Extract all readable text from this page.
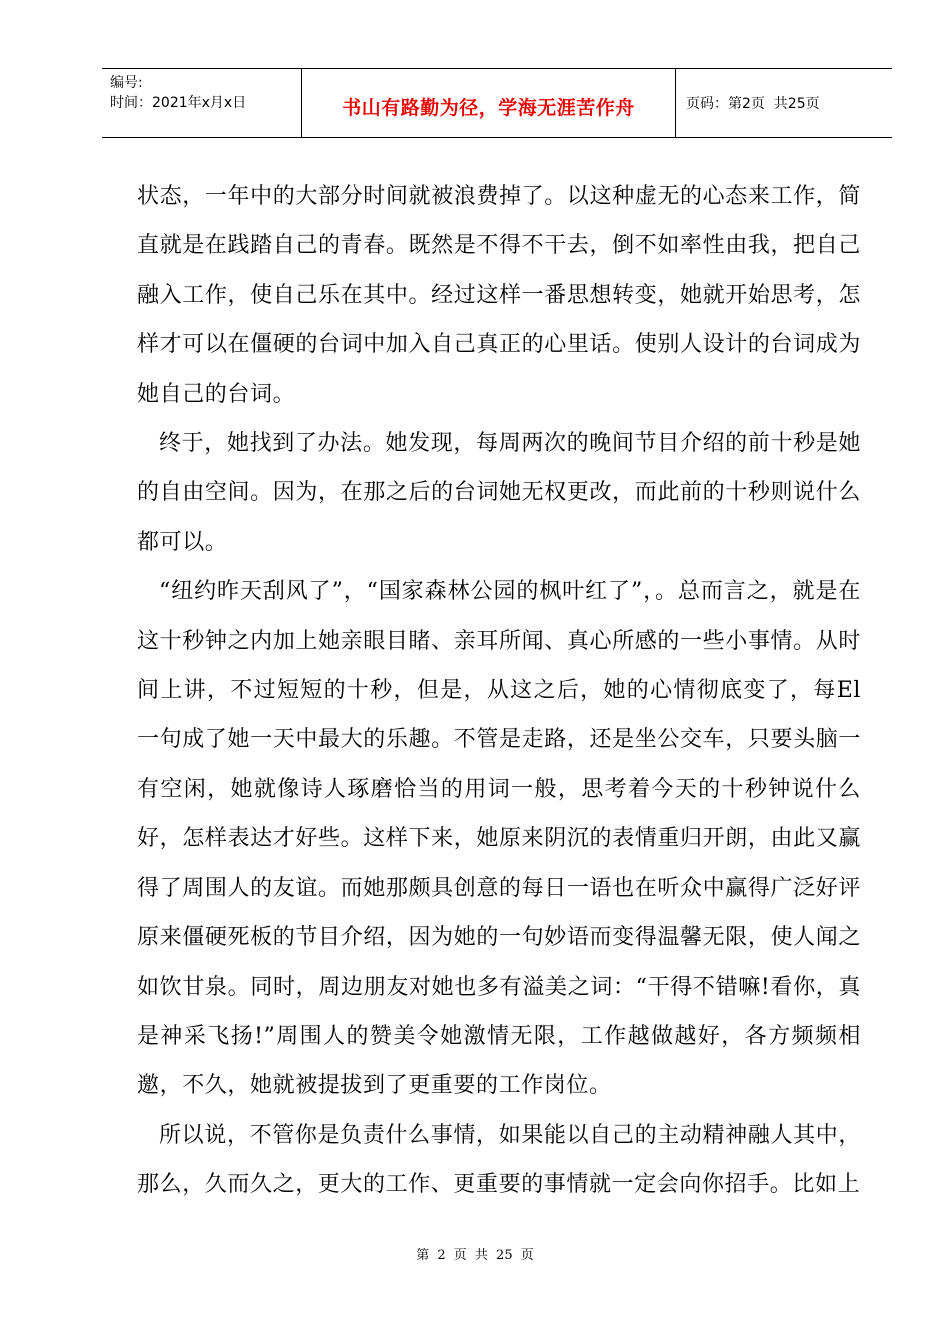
编号:
时间：2021年x月x日	书山有路勤为径，学海无涯苦作舟	页码：第2页  共25页

状态，一年中的大部分时间就被浪费掉了。以这种虚无的心态来工作，简直就是在践踏自己的青春。既然是不得不干去，倒不如率性由我，把自己融入工作，使自己乐在其中。经过这样一番思想转变，她就开始思考，怎样才可以在僵硬的台词中加入自己真正的心里话。使别人设计的台词成为她自己的台词。

终于，她找到了办法。她发现，每周两次的晚间节目介绍的前十秒是她的自由空间。因为，在那之后的台词她无权更改，而此前的十秒则说什么都可以。

“纽约昨天刮风了”，“国家森林公园的枫叶红了”，。总而言之，就是在这十秒钟之内加上她亲眼目睹、亲耳所闻、真心所感的一些小事情。从时间上讲，不过短短的十秒，但是，从这之后，她的心情彻底变了，每El一句成了她一天中最大的乐趣。不管是走路，还是坐公交车，只要头脑一有空闲，她就像诗人琢磨恰当的用词一般，思考着今天的十秒钟说什么好，怎样表达才好些。这样下来，她原来阴沉的表情重归开朗，由此又赢得了周围人的友谊。而她那颇具创意的每日一语也在听众中赢得广泛好评原来僵硬死板的节目介绍，因为她的一句妙语而变得温馨无限，使人闻之如饮甘泉。同时，周边朋友对她也多有溢美之词：“干得不错嘛!看你，真是神采飞扬!”周围人的赞美令她激情无限，工作越做越好，各方频频相邀，不久，她就被提拔到了更重要的工作岗位。

所以说，不管你是负责什么事情，如果能以自己的主动精神融人其中，那么，久而久之，更大的工作、更重要的事情就一定会向你招手。比如上

第 2 页 共 25 页
